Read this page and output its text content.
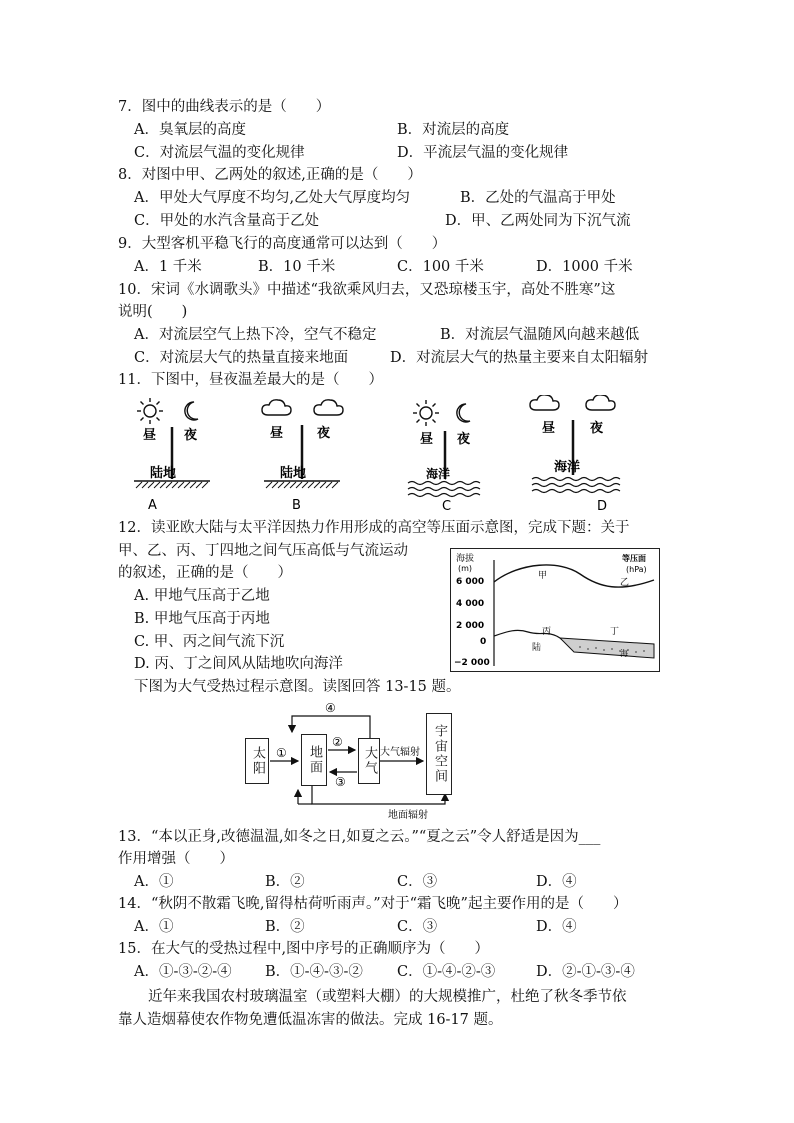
7．图中的曲线表示的是（　　）
A．臭氧层的高度	B．对流层的高度
C．对流层气温的变化规律	D．平流层气温的变化规律
8．对图中甲、乙两处的叙述,正确的是（　　）
A．甲处大气厚度不均匀,乙处大气厚度均匀	B．乙处的气温高于甲处
C．甲处的水汽含量高于乙处	D．甲、乙两处同为下沉气流
9．大型客机平稳飞行的高度通常可以达到（　　）
A．1 千米	B．10 千米	C．100 千米	D．1000 千米
10．宋词《水调歌头》中描述“我欲乘风归去，又恐琼楼玉宇，高处不胜寒”这
说明(　　)
A．对流层空气上热下冷，空气不稳定	B．对流层气温随风向越来越低
C．对流层大气的热量直接来地面	D．对流层大气的热量主要来自太阳辐射
11．下图中，昼夜温差最大的是（　　）
昼 夜
陆地
A
昼	夜
陆地
B
昼 夜
海洋
C
昼	夜
海洋
D
12．读亚欧大陆与太平洋因热力作用形成的高空等压面示意图，完成下题：关于
甲、乙、丙、丁四地之间气压高低与气流运动
的叙述，正确的是（　　）
A. 甲地气压高于乙地
B. 甲地气压高于丙地
C. 甲、丙之间气流下沉
D. 丙、丁之间风从陆地吹向海洋
海拔
(m)
6 000
4 000
2 000
0
−2 000
等压面
(hPa)
甲
乙
丙	丁
陆
海
下图为大气受热过程示意图。读图回答 13-15 题。
④
①
②
③
大气辐射
地面辐射
太阳	地面	大气	宇宙空间
13．“本以正身,改德温温,如冬之日,如夏之云。”“夏之云”令人舒适是因为___
作用增强（　　）
A．①	B．②	C．③	D．④
14．“秋阴不散霜飞晚,留得枯荷听雨声。”对于“霜飞晚”起主要作用的是（　　）
A．①	B．②	C．③	D．④
15．在大气的受热过程中,图中序号的正确顺序为（　　）
A．①-③-②-④ B．①-④-③-② C．①-④-②-③	D．②-①-③-④
近年来我国农村玻璃温室（或塑料大棚）的大规模推广，杜绝了秋冬季节依
靠人造烟幕使农作物免遭低温冻害的做法。完成 16-17 题。
